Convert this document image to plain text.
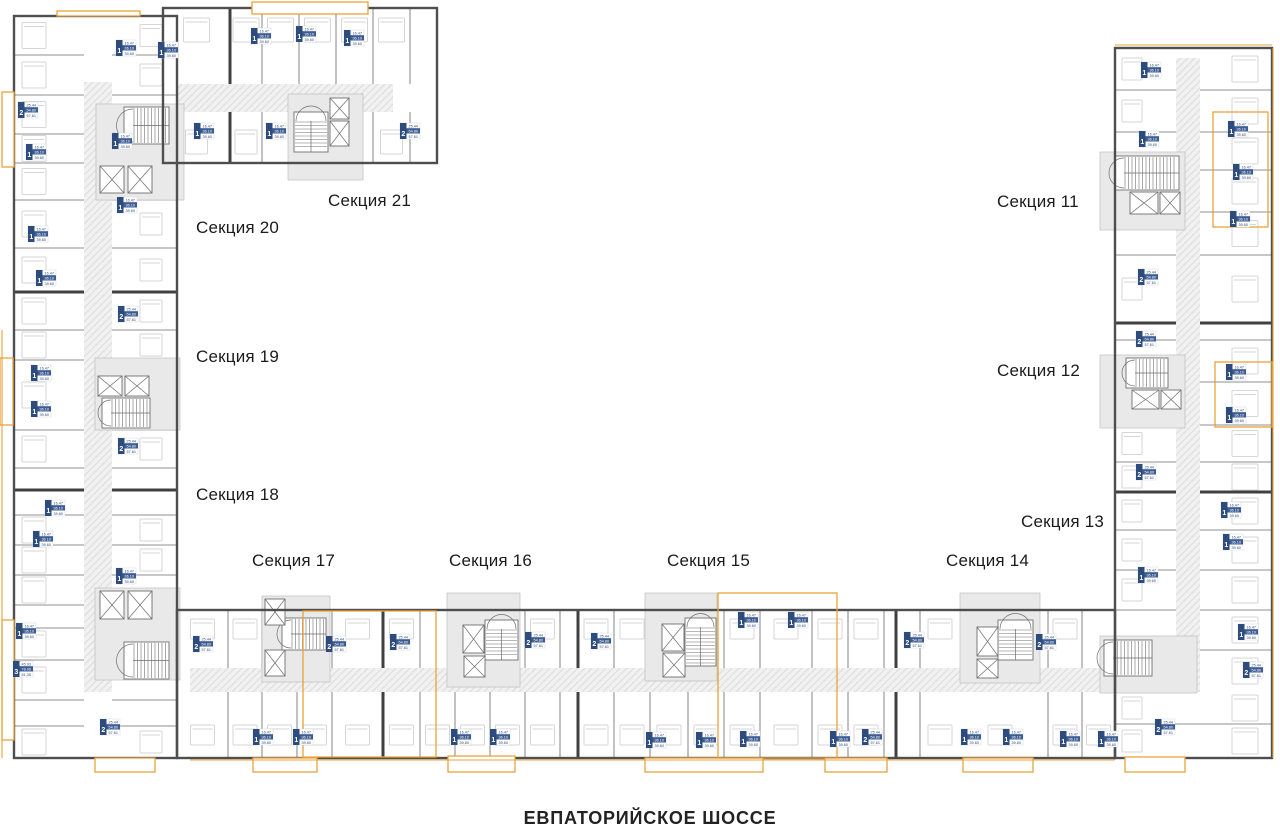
1
16.47
36.10
39.60	1
16.47
36.10
39.60
2
25.44
54.80
57.61
1
16.47
36.10
39.60
1
16.47
36.10
39.60
1
16.47
36.10
39.60
1
16.47
36.10
39.60
1
16.47
36.10
39.60
2
25.44
54.80
57.61
1
16.47
36.10
39.60
1
16.47
36.10
39.60
2
25.44
54.80
57.61
1
16.47
36.10
39.60
1
16.47
36.10
39.60
1
16.47
36.10
39.60
1
16.47
36.10
39.60
3
45.93
78.06
81.35
2
25.44
54.80
57.61
1
16.47
36.10
39.60
1
16.47
36.10
39.60	1
16.47
36.10
39.60
1
16.47
36.10
39.60	1
16.47
36.10
39.60	2
25.44
54.80
57.61
2
25.44
54.80
57.61	2
25.44
54.80
57.61
2
25.44
54.80
57.61
1
16.47
36.10
39.60	1
16.47
36.10
39.60
2
25.44
54.80
57.61	2
25.44
54.80
57.61
1
16.47
36.10
39.60	1
16.47
36.10
39.60
1
16.47
36.10
39.60	1
16.47
36.10
39.60
1
16.47
36.10
39.60	1
16.47
36.10
39.60	1
16.47
36.10
39.60	1
16.47
36.10
39.60
2
25.44
54.80
57.61
2
25.44
54.80
57.61
1
16.47
36.10
39.60	1
16.47
36.10
39.60
2
25.44
54.80
57.61
1
16.47
36.10
39.60	1
16.47
36.10
39.60
1
16.47
36.10
39.60
1
16.47
36.10
39.60
1
16.47
36.10
39.60
1
16.47
36.10
39.60
1
16.47
36.10
39.60
2
25.44
54.80
57.61
2
25.44
54.80
57.61
1
16.47
36.10
39.60
1
16.47
36.10
39.60
2
25.44
54.80
57.61
1
16.47
36.10
39.60
1
16.47
36.10
39.60
1
16.47
36.10
39.60
1
16.47
36.10
39.60
2
25.44
54.80
57.61
2
25.44
54.80
57.61
Секция 11
Секция 12
Секция 13
Секция 14
Секция 15
Секция 16
Секция 17
Секция 18
Секция 19
Секция 20
Секция 21
ЕВПАТОРИЙСКОЕ ШОССЕ
